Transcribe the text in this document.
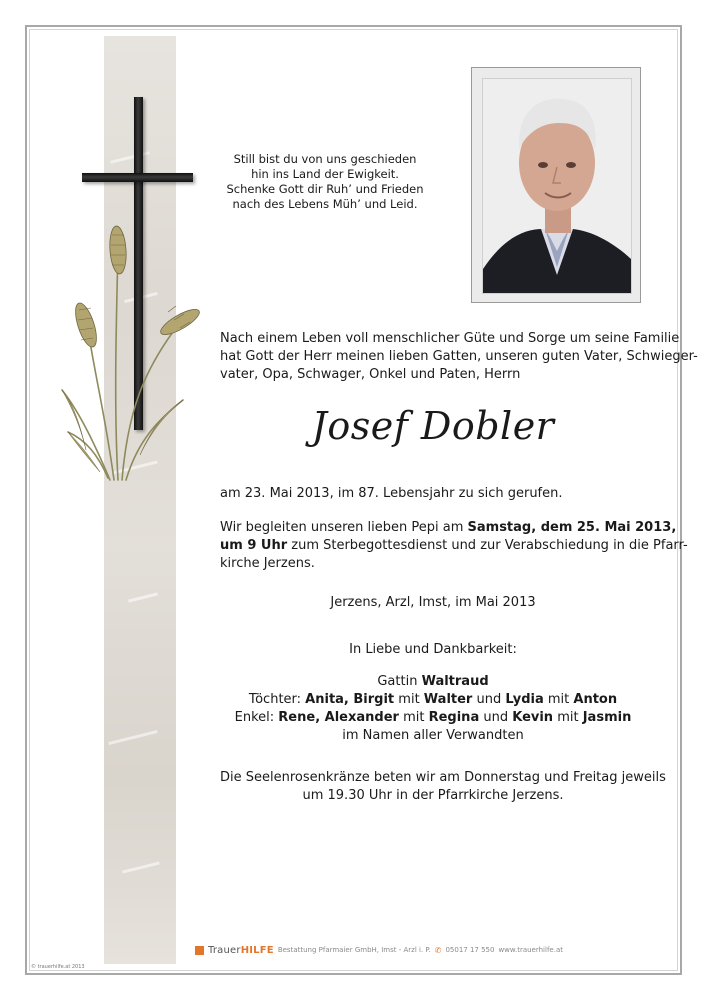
Still bist du von uns geschieden
hin ins Land der Ewigkeit.
Schenke Gott dir Ruh’ und Frieden
nach des Lebens Müh’ und Leid.
Nach einem Leben voll menschlicher Güte und Sorge um seine Familie
hat Gott der Herr meinen lieben Gatten, unseren guten Vater, Schwieger-
vater, Opa, Schwager, Onkel und Paten, Herrn
Josef Dobler
am 23. Mai 2013, im 87. Lebensjahr zu sich gerufen.
Wir begleiten unseren lieben Pepi am Samstag, dem 25. Mai 2013,
um 9 Uhr zum Sterbegottesdienst und zur Verabschiedung in die Pfarr-
kirche Jerzens.
Jerzens, Arzl, Imst, im Mai 2013
In Liebe und Dankbarkeit:
Gattin Waltraud
Töchter: Anita, Birgit mit Walter und Lydia mit Anton
Enkel: Rene, Alexander mit Regina und Kevin mit Jasmin
im Namen aller Verwandten
Die Seelenrosenkränze beten wir am Donnerstag und Freitag jeweils
um 19.30 Uhr in der Pfarrkirche Jerzens.
TrauerHILFE Bestattung Pfarmaier GmbH, Imst - Arzl i. P. ✆ 05017 17 550 www.trauerhilfe.at
© trauerhilfe.at 2013
